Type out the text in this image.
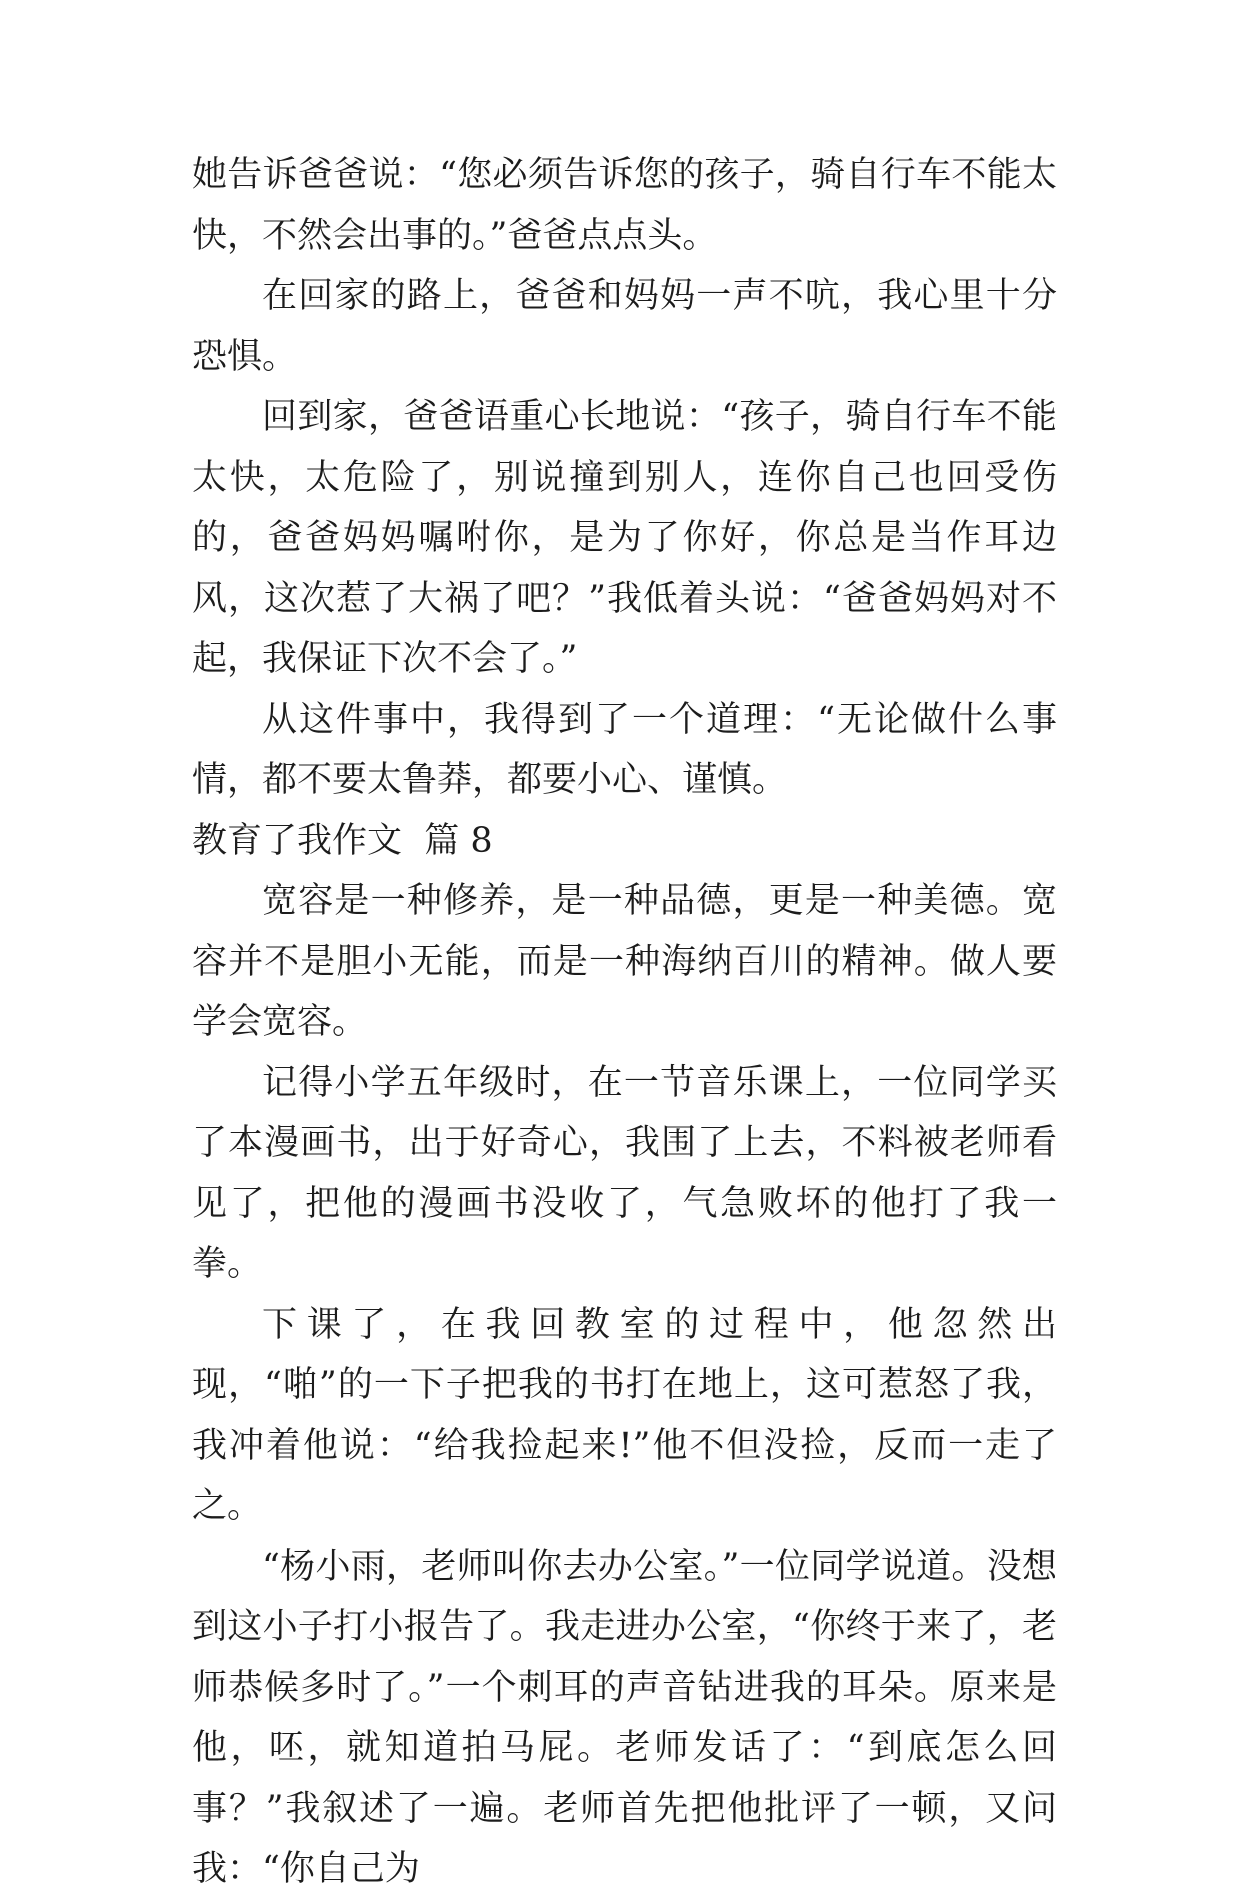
她告诉爸爸说：“您必须告诉您的孩子，骑自行车不能太快，不然会出事的。”爸爸点点头。

在回家的路上，爸爸和妈妈一声不吭，我心里十分恐惧。

回到家，爸爸语重心长地说：“孩子，骑自行车不能太快，太危险了，别说撞到别人，连你自己也回受伤的，爸爸妈妈嘱咐你，是为了你好，你总是当作耳边风，这次惹了大祸了吧？”我低着头说：“爸爸妈妈对不起，我保证下次不会了。”

从这件事中，我得到了一个道理：“无论做什么事情，都不要太鲁莽，都要小心、谨慎。

教育了我作文  篇 8

宽容是一种修养，是一种品德，更是一种美德。宽容并不是胆小无能，而是一种海纳百川的精神。做人要学会宽容。

记得小学五年级时，在一节音乐课上，一位同学买了本漫画书，出于好奇心，我围了上去，不料被老师看见了，把他的漫画书没收了，气急败坏的他打了我一拳。

下课了，在我回教室的过程中，他忽然出现，“啪”的一下子把我的书打在地上，这可惹怒了我，我冲着他说：“给我捡起来!”他不但没捡，反而一走了之。

“杨小雨，老师叫你去办公室。”一位同学说道。没想到这小子打小报告了。我走进办公室，“你终于来了，老师恭候多时了。”一个刺耳的声音钻进我的耳朵。原来是他，呸，就知道拍马屁。老师发话了：“到底怎么回事？”我叙述了一遍。老师首先把他批评了一顿，又问我：“你自己为
